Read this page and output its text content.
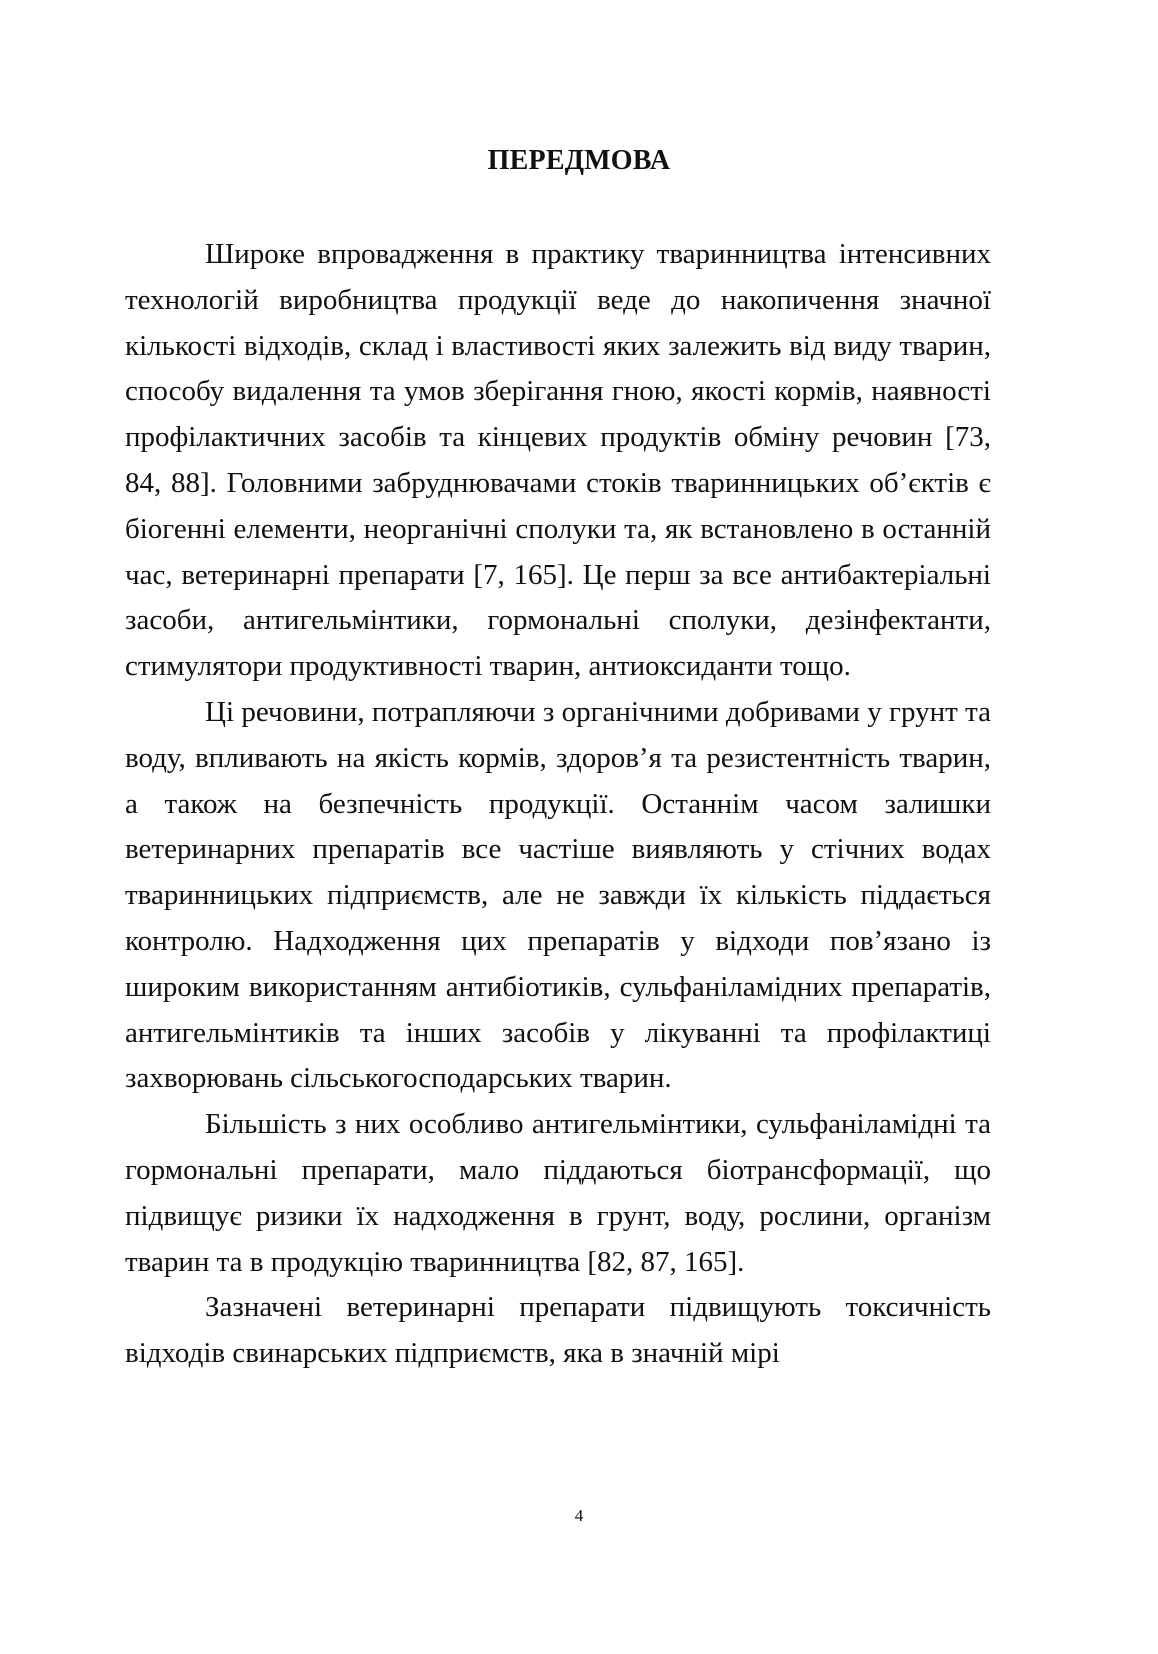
ПЕРЕДМОВА

Широке впровадження в практику тваринництва інтенсивних технологій виробництва продукції веде до накопичення значної кількості відходів, склад і властивості яких залежить від виду тварин, способу видалення та умов зберігання гною, якості кормів, наявності профілактичних засобів та кінцевих продуктів обміну речовин [73, 84, 88]. Головними забруднювачами стоків тваринницьких об’єктів є біогенні елементи, неорганічні сполуки та, як встановлено в останній час, ветеринарні препарати [7, 165]. Це перш за все антибактеріальні засоби, антигельмінтики, гормональні сполуки, дезінфектанти, стимулятори продуктивності тварин, антиоксиданти тощо.

Ці речовини, потрапляючи з органічними добривами у грунт та воду, впливають на якість кормів, здоров’я та резистентність тварин, а також на безпечність продукції. Останнім часом залишки ветеринарних препаратів все частіше виявляють у стічних водах тваринницьких підприємств, але не завжди їх кількість піддається контролю. Надходження цих препаратів у відходи пов’язано із широким використанням антибіотиків, сульфаніламідних препаратів, антигельмінтиків та інших засобів у лікуванні та профілактиці захворювань сільськогосподарських тварин.

Більшість з них особливо антигельмінтики, сульфаніламідні та гормональні препарати, мало піддаються біотрансформації, що підвищує ризики їх надходження в грунт, воду, рослини, організм тварин та в продукцію тваринництва [82, 87, 165].

Зазначені ветеринарні препарати підвищують токсичність відходів свинарських підприємств, яка в значній мірі

4
